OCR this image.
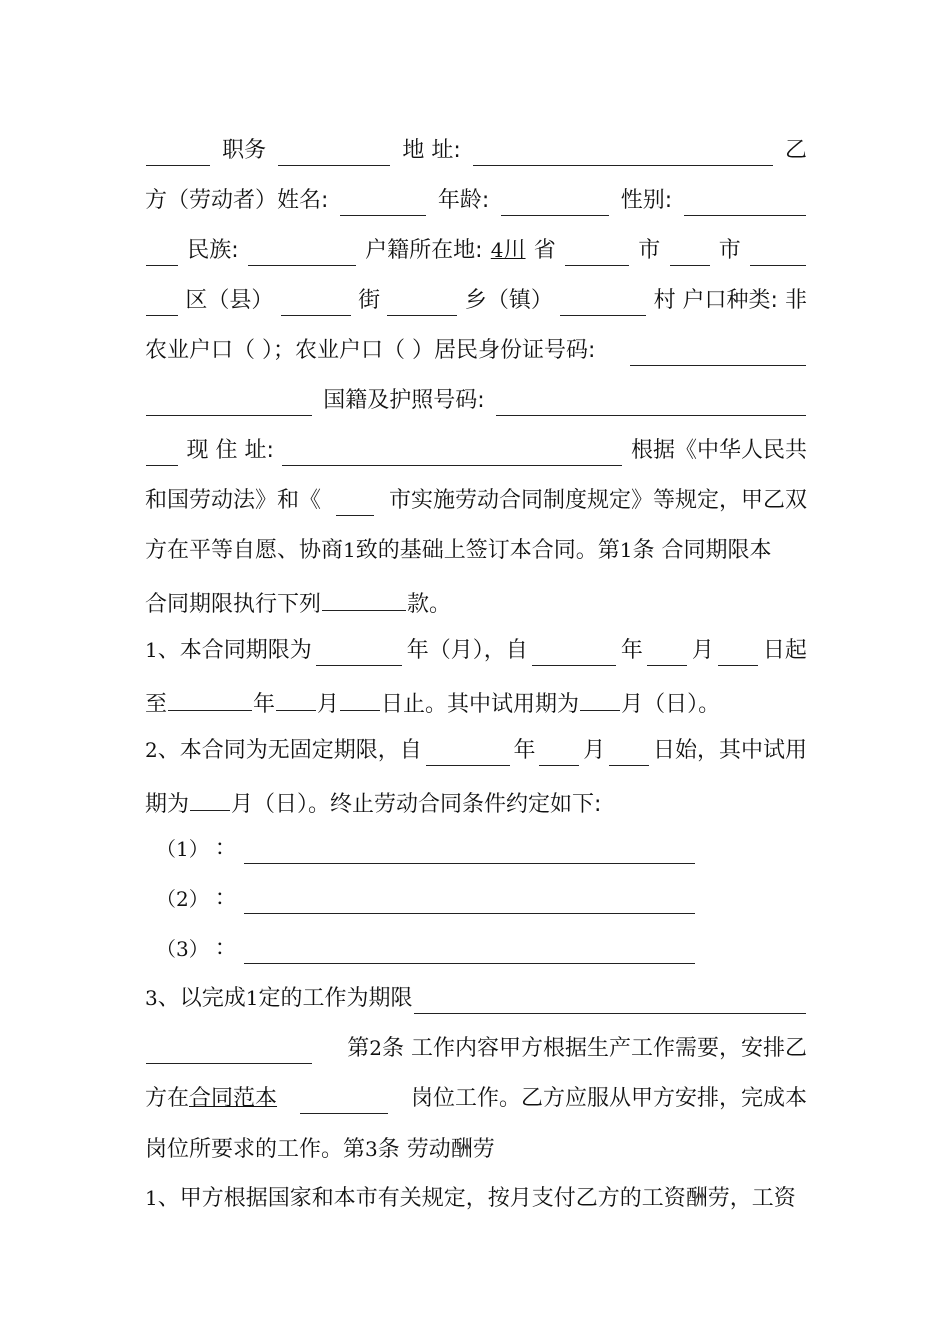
职务	地 址:	乙
方（劳动者）姓名:	年龄:	性别:
民族:	户籍所在地: 4川 省	市	市
区（县）	街	乡（镇）	村 户口种类: 非
农业户口（ ）；农业户口（ ）居民身份证号码:
国籍及护照号码:
现 住 址:	根据《中华人民共
和国劳动法》和《	市实施劳动合同制度规定》等规定，甲乙双
方在平等自愿、协商1致的基础上签订本合同。第1条 合同期限本
合同期限执行下列	款。
1、本合同期限为	年（月），自	年 月 日起
至	年 月 日止。其中试用期为 月（日）。
2、本合同为无固定期限，自	年 月 日始，其中试用
期为 月（日）。终止劳动合同条件约定如下:
（1） ：
（2） ：
（3） ：
3、以完成1定的工作为期限
第2条 工作内容甲方根据生产工作需要，安排乙
方在合同范本	岗位工作。乙方应服从甲方安排，完成本
岗位所要求的工作。第3条 劳动酬劳
1、甲方根据国家和本市有关规定，按月支付乙方的工资酬劳，工资
